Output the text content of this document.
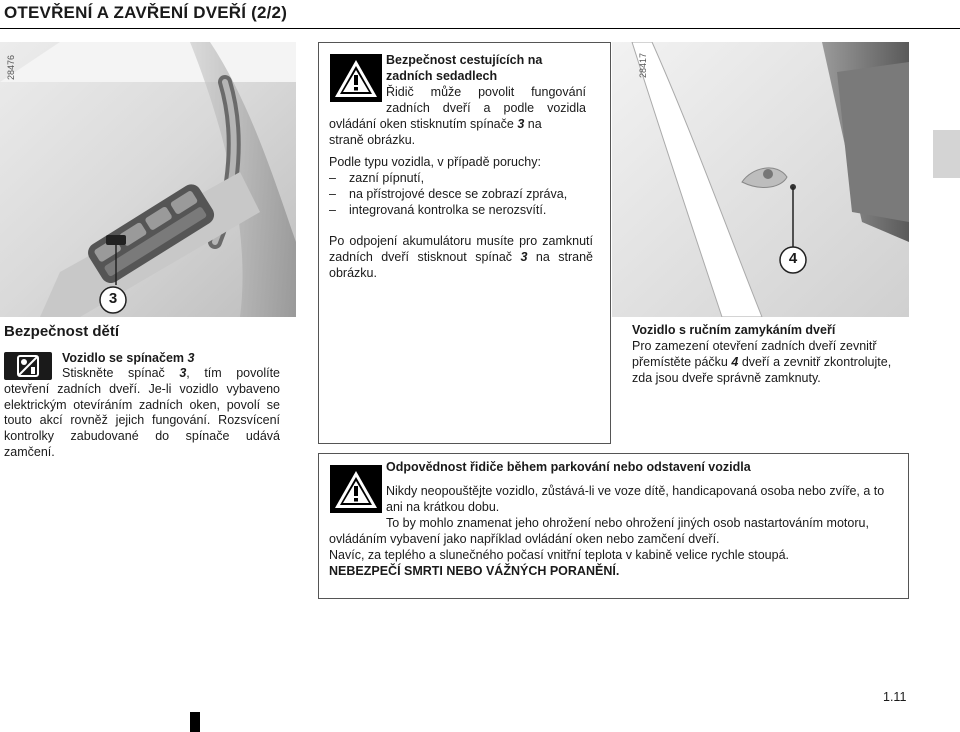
OTEVŘENÍ A ZAVŘENÍ DVEŘÍ (2/2)
28476
3
28417
4
Bezpečnost cestujících na
zadních sedadlech
Řidič může povolit fungování
zadních dveří a podle vozidla
ovládání oken stisknutím spínače 3 na
straně obrázku.
Podle typu vozidla, v případě poruchy:
– zazní pípnutí,
– na přístrojové desce se zobrazí zpráva,
– integrovaná kontrolka se nerozsvítí.
Po odpojení akumulátoru musíte pro zamknutí zadních dveří stisknout spínač 3 na straně obrázku.
Bezpečnost dětí
Vozidlo se spínačem 3
Stiskněte spínač 3, tím povolíte otevření zadních dveří. Je-li vozidlo vybaveno elektrickým otevíráním zadních oken, povolí se touto akcí rovněž jejich fungování. Rozsvícení kontrolky zabudované do spínače udává zamčení.
Vozidlo s ručním zamykáním dveří
Pro zamezení otevření zadních dveří zevnitř přemístěte páčku 4 dveří a zevnitř zkontrolujte, zda jsou dveře správně zamknuty.
Odpovědnost řidiče během parkování nebo odstavení vozidla
Nikdy neopouštějte vozidlo, zůstává-li ve voze dítě, handicapovaná osoba nebo zvíře, a to ani na krátkou dobu.
To by mohlo znamenat jeho ohrožení nebo ohrožení jiných osob nastartováním motoru, ovládáním vybavení jako například ovládání oken nebo zamčení dveří.
Navíc, za teplého a slunečného počasí vnitřní teplota v kabině velice rychle stoupá.
NEBEZPEČÍ SMRTI NEBO VÁŽNÝCH PORANĚNÍ.
1.11
